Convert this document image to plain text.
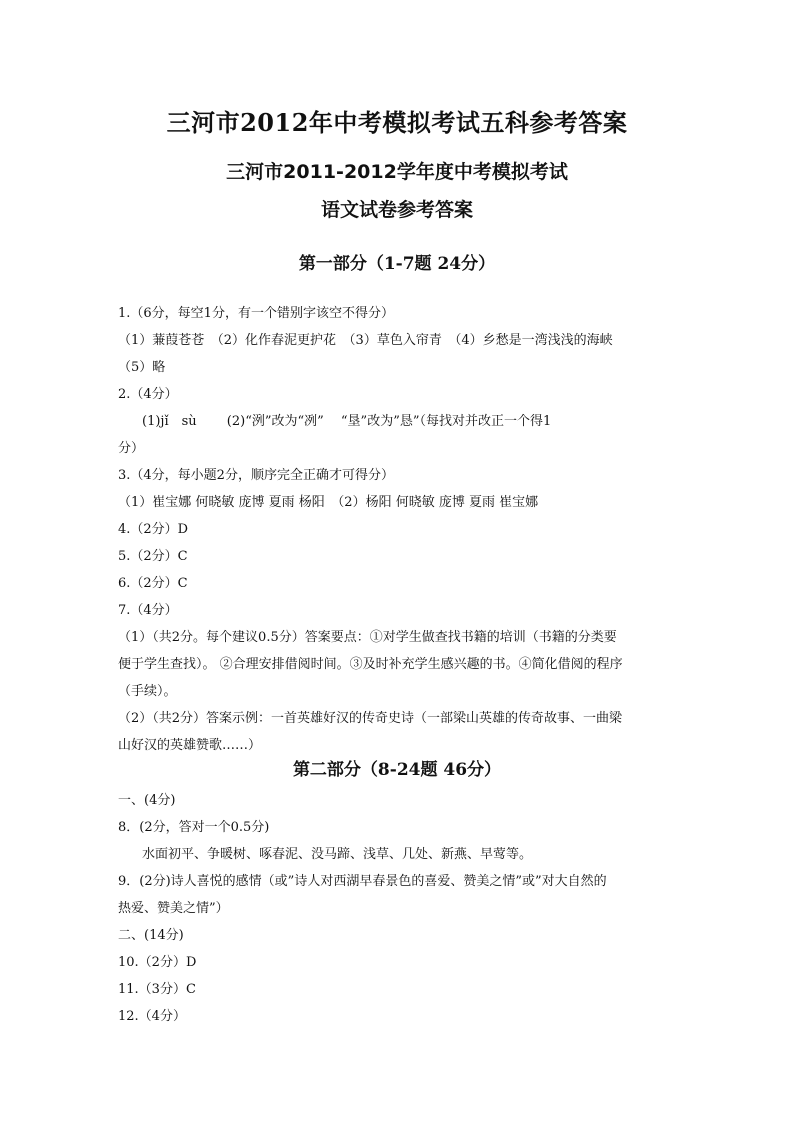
三河市2012年中考模拟考试五科参考答案
三河市2011-2012学年度中考模拟考试
语文试卷参考答案
第一部分（1-7题 24分）
1.（6分，每空1分，有一个错别字该空不得分）
（1）蒹葭苍苍　（2）化作春泥更护花　（3）草色入帘青　（4）乡愁是一湾浅浅的海峡
（5）略
2.（4分）
(1)jǐ　sù　　 (2)“洌”改为“冽”　 “垦”改为”恳”（每找对并改正一个得1
分）
3.（4分，每小题2分，顺序完全正确才可得分）
（1）崔宝娜 何晓敏 庞博 夏雨 杨阳　（2）杨阳 何晓敏 庞博 夏雨 崔宝娜
4.（2分）D
5.（2分）C
6.（2分）C
7.（4分）
（1）（共2分。每个建议0.5分）答案要点：①对学生做查找书籍的培训（书籍的分类要
便于学生查找）。 ②合理安排借阅时间。③及时补充学生感兴趣的书。④简化借阅的程序
（手续）。
（2）（共2分）答案示例：一首英雄好汉的传奇史诗（一部梁山英雄的传奇故事、一曲梁
山好汉的英雄赞歌……）
第二部分（8-24题 46分）
一、(4分)
8．(2分，答对一个0.5分)
水面初平、争暖树、啄春泥、没马蹄、浅草、几处、新燕、早莺等。
9．(2分)诗人喜悦的感情（或”诗人对西湖早春景色的喜爱、赞美之情”或”对大自然的
热爱、赞美之情”）
二、(14分)
10.（2分）D
11.（3分）C
12.（4分）
